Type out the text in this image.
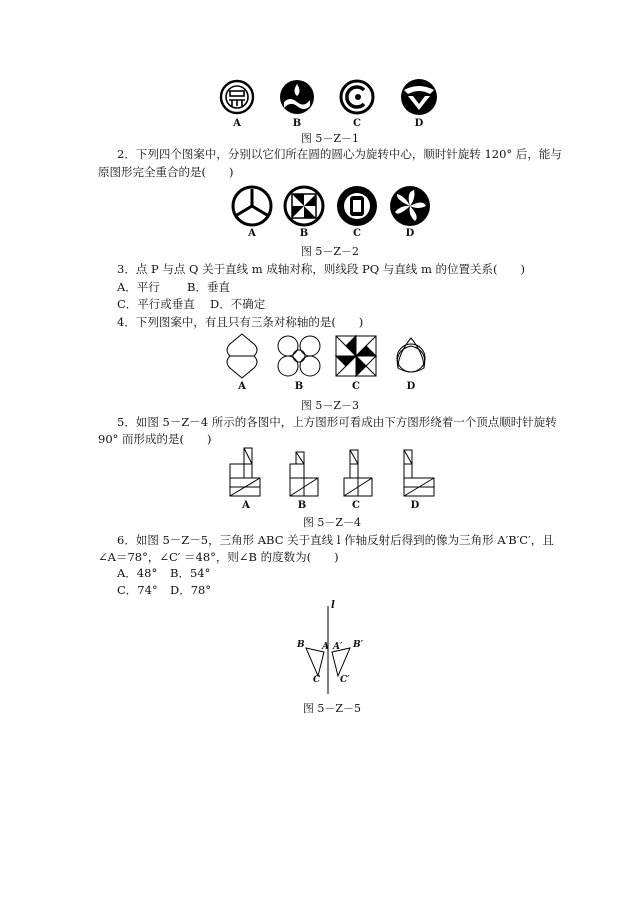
A	B	C	D
图 5－Z－1
2．下列四个图案中，分别以它们所在圆的圆心为旋转中心，顺时针旋转 120° 后，能与
原图形完全重合的是(　　)
A	B	C	D
图 5－Z－2
3．点 P 与点 Q 关于直线 m 成轴对称，则线段 PQ 与直线 m 的位置关系(　　)
A．平行 B．垂直
C．平行或垂直 D．不确定
4．下列图案中，有且只有三条对称轴的是(　　)
A	B	C	D
图 5－Z－3
5．如图 5－Z－4 所示的各图中，上方图形可看成由下方图形绕着一个顶点顺时针旋转
90° 而形成的是(　　)
A	B	C	D
图 5－Z－4
6．如图 5－Z－5，三角形 ABC 关于直线 l 作轴反射后得到的像为三角形 A′B′C′，且
∠A＝78°，∠C′ ＝48°，则∠B 的度数为(　　)
A．48° B．54°
C．74° D．78°
l
B A A′ B′
C C′
图 5－Z－5
